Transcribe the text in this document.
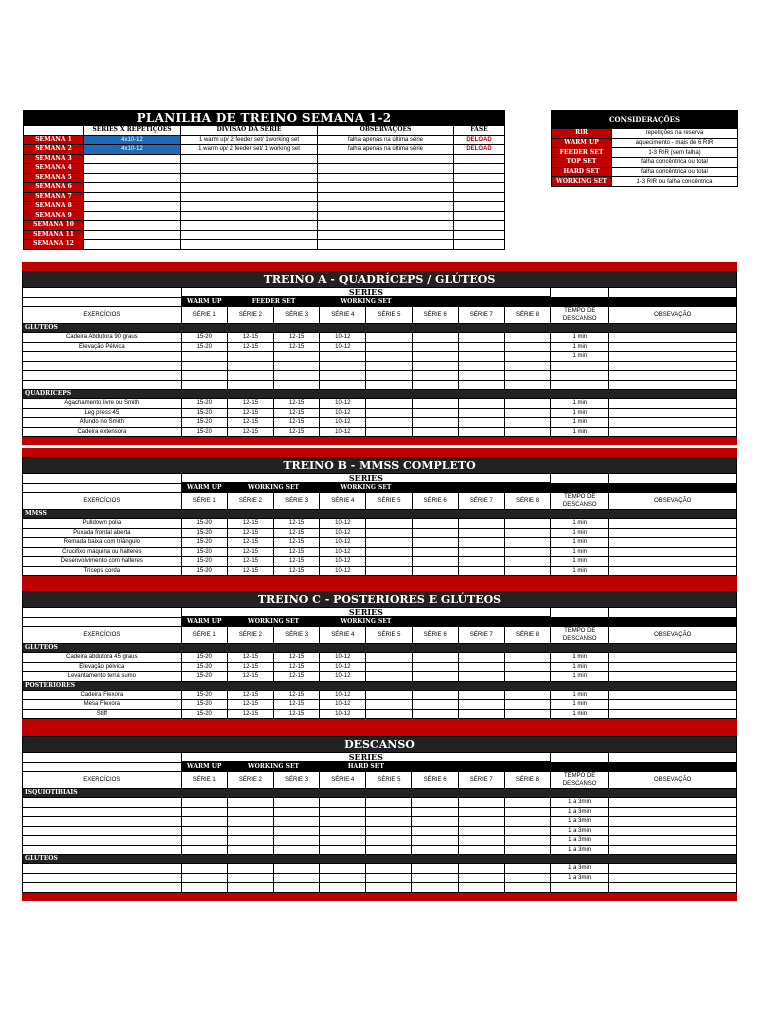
PLANILHA DE TREINO SEMANA 1-2				
	SÉRIES X REPETIÇÕES	DIVISÃO DA SÉRIE	OBSERVAÇÕES	FASE
SEMANA 1	4x10-12	1 warm up/ 2 feeder set/ 1working set	falha apenas na última série	DELOAD
SEMANA 2	4x10-12	1 warm up/ 2 feeder set/ 1 working set	falha apenas na última série	DELOAD
SEMANA 3				
SEMANA 4				
SEMANA 5				
SEMANA 6				
SEMANA 7				
SEMANA 8				
SEMANA 9				
SEMANA 10				
SEMANA 11				
SEMANA 12				
CONSIDERAÇÕES	
RIR	repetições na reserva
WARM UP	aquecimento - mais de 6 RIR
FEEDER SET	1-3 RIR (sem falha)
TOP SET	falha concêntrica ou total
HARD SET	falha concêntrica ou total
WORKING SET	1-3 RIR ou falha concêntrica
TREINO A - QUADRÍCEPS / GLÚTEOS										
	SÉRIES									
	WARM UP	FEEDER SET		WORKING SET						
EXERCÍCIOS	SÉRIE 1	SÉRIE 2	SÉRIE 3	SÉRIE 4	SÉRIE 5	SÉRIE 6	SÉRIE 7	SÉRIE 8	TEMPO DE DESCANSO	OBSEVAÇÃO
GLÚTEOS										
Cadeira Abdutora 90 graus	15-20	12-15	12-15	10-12					1 min	
Elevação Pélvica	15-20	12-15	12-15	10-12					1 min	
									1 min	

QUADRÍCEPS										
Agachamento livre ou Smith	15-20	12-15	12-15	10-12					1 min	
Leg press 45	15-20	12-15	12-15	10-12					1 min	
Afundo no Smith	15-20	12-15	12-15	10-12					1 min	
Cadeira extensora	15-20	12-15	12-15	10-12					1 min	
TREINO B - MMSS COMPLETO										
	SÉRIES									
	WARM UP	WORKING SET		WORKING SET						
EXERCÍCIOS	SÉRIE 1	SÉRIE 2	SÉRIE 3	SÉRIE 4	SÉRIE 5	SÉRIE 6	SÉRIE 7	SÉRIE 8	TEMPO DE DESCANSO	OBSEVAÇÃO
MMSS										
Pulldown polia	15-20	12-15	12-15	10-12					1 min	
Puxada frontal aberta	15-20	12-15	12-15	10-12					1 min	
Remada baixa com triângulo	15-20	12-15	12-15	10-12					1 min	
Crucifixo máquina ou halteres	15-20	12-15	12-15	10-12					1 min	
Desenvolvimento com halteres	15-20	12-15	12-15	10-12					1 min	
Tríceps corda	15-20	12-15	12-15	10-12					1 min	
TREINO C - POSTERIORES E GLÚTEOS										
	SÉRIES									
	WARM UP	WORKING SET		WORKING SET						
EXERCÍCIOS	SÉRIE 1	SÉRIE 2	SÉRIE 3	SÉRIE 4	SÉRIE 5	SÉRIE 6	SÉRIE 7	SÉRIE 8	TEMPO DE DESCANSO	OBSEVAÇÃO
GLÚTEOS										
Cadeira abdutora 45 graus	15-20	12-15	12-15	10-12					1 min	
Elevação pélvica	15-20	12-15	12-15	10-12					1 min	
Levantamento terra sumo	15-20	12-15	12-15	10-12					1 min	
POSTERIORES										
Cadeira Flexora	15-20	12-15	12-15	10-12					1 min	
Mesa Flexora	15-20	12-15	12-15	10-12					1 min	
Stiff	15-20	12-15	12-15	10-12					1 min	
DESCANSO										
	SÉRIES									
	WARM UP	WORKING SET		HARD SET						
EXERCÍCIOS	SÉRIE 1	SÉRIE 2	SÉRIE 3	SÉRIE 4	SÉRIE 5	SÉRIE 6	SÉRIE 7	SÉRIE 8	TEMPO DE DESCANSO	OBSEVAÇÃO
ISQUIOTIBIAIS										
									1 a 3min	
									1 a 3min	
									1 a 3min	
									1 a 3min	
									1 a 3min	
									1 a 3min	
GLÚTEOS										
									1 a 3min	
									1 a 3min	
